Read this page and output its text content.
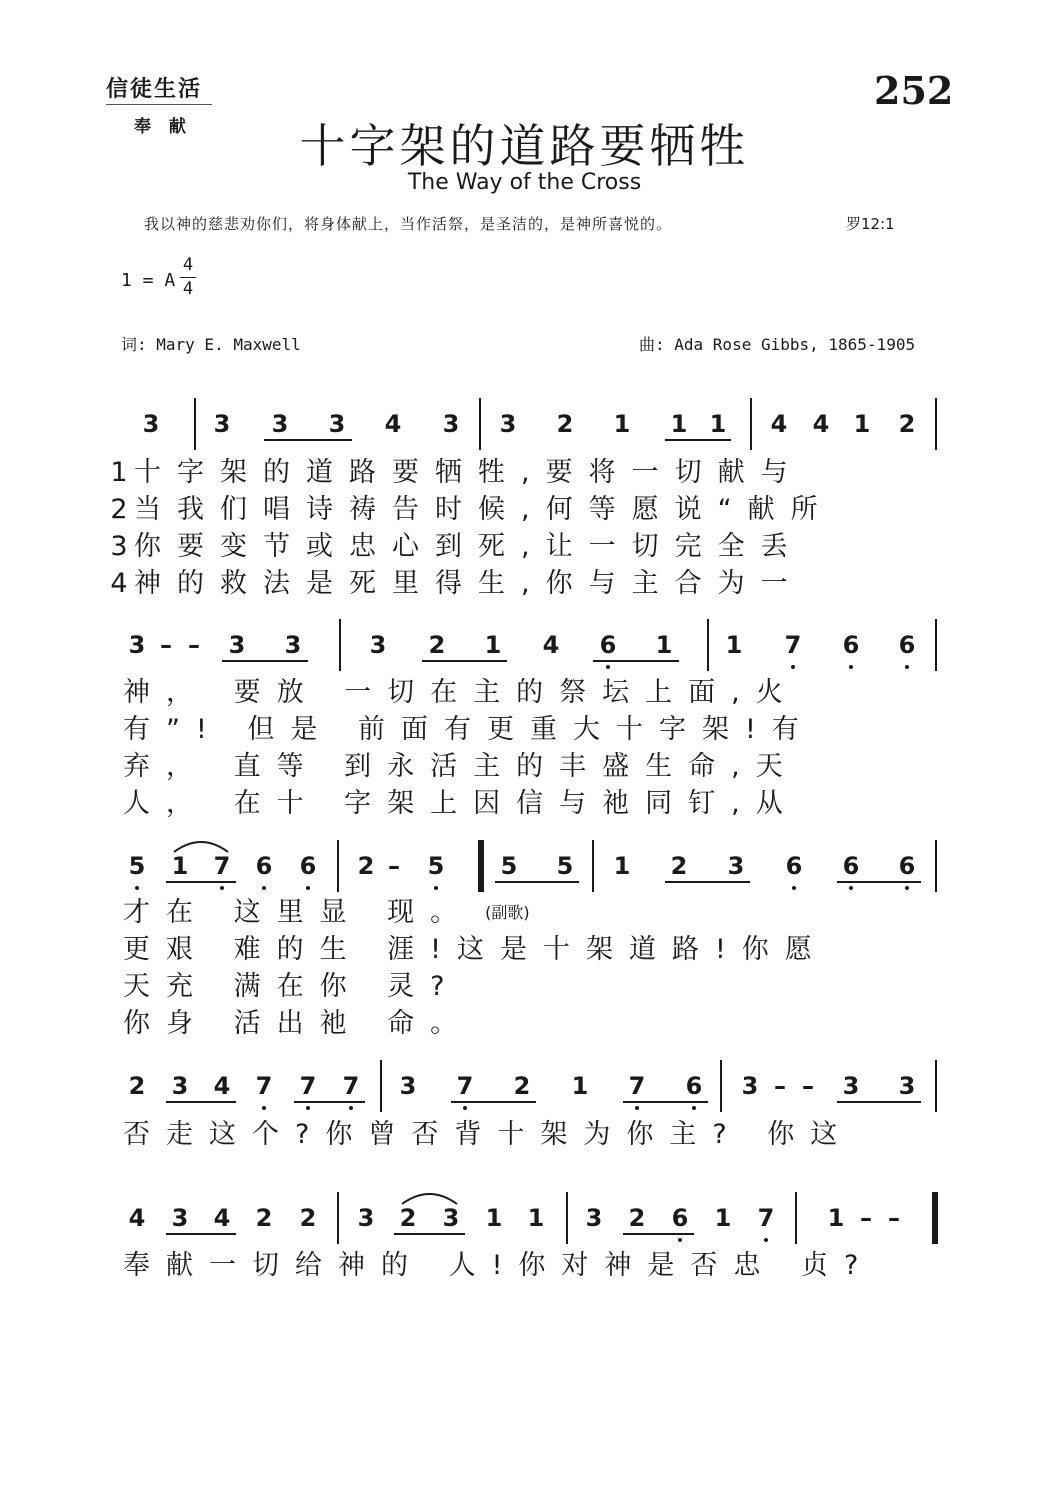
信徒生活
奉 献
252
十字架的道路要牺牲
The Way of the Cross
我以神的慈悲劝你们，将身体献上，当作活祭，是圣洁的，是神所喜悦的。	罗12:1
1 = A
4
4
词: Mary E. Maxwell	曲: Ada Rose Gibbs, 1865-1905
3 3 3 3 4 3 3 2 1 1 1 4 4 1 2
1 十字架的道路要牺牲,要将一切献与
2 当我们唱诗祷告时候,何等愿说“献所
3 你要变节或忠心到死,让一切完全丢
4 神的救法是死里得生,你与主合为一
3 – –	3 3	3 2 1 4 6 1 1 7 6 6
神， 要放 一切在主的祭坛上面,火
有”! 但是 前面有更重大十字架!有
弃， 直等 到永活主的丰盛生命,天
人， 在十 字架上因信与祂同钉,从
5 1 7 6 6 2 –	5 5 5 1 2 3 6 6 6
才在 这里显 现。 (副歌)
更艰 难的生 涯!这是十架道路!你愿
天充 满在你 灵?
你身 活出祂 命。
2 3 4 7 7 7 3 7 2 1 7 6 3 – –	3 3
否走这个?你曾否背十架为你主? 你这
4 3 4 2 2 3 2 3 1 1 3 2 6 1 7 1 – –
奉献一切给神的 人!你对神是否忠 贞?
